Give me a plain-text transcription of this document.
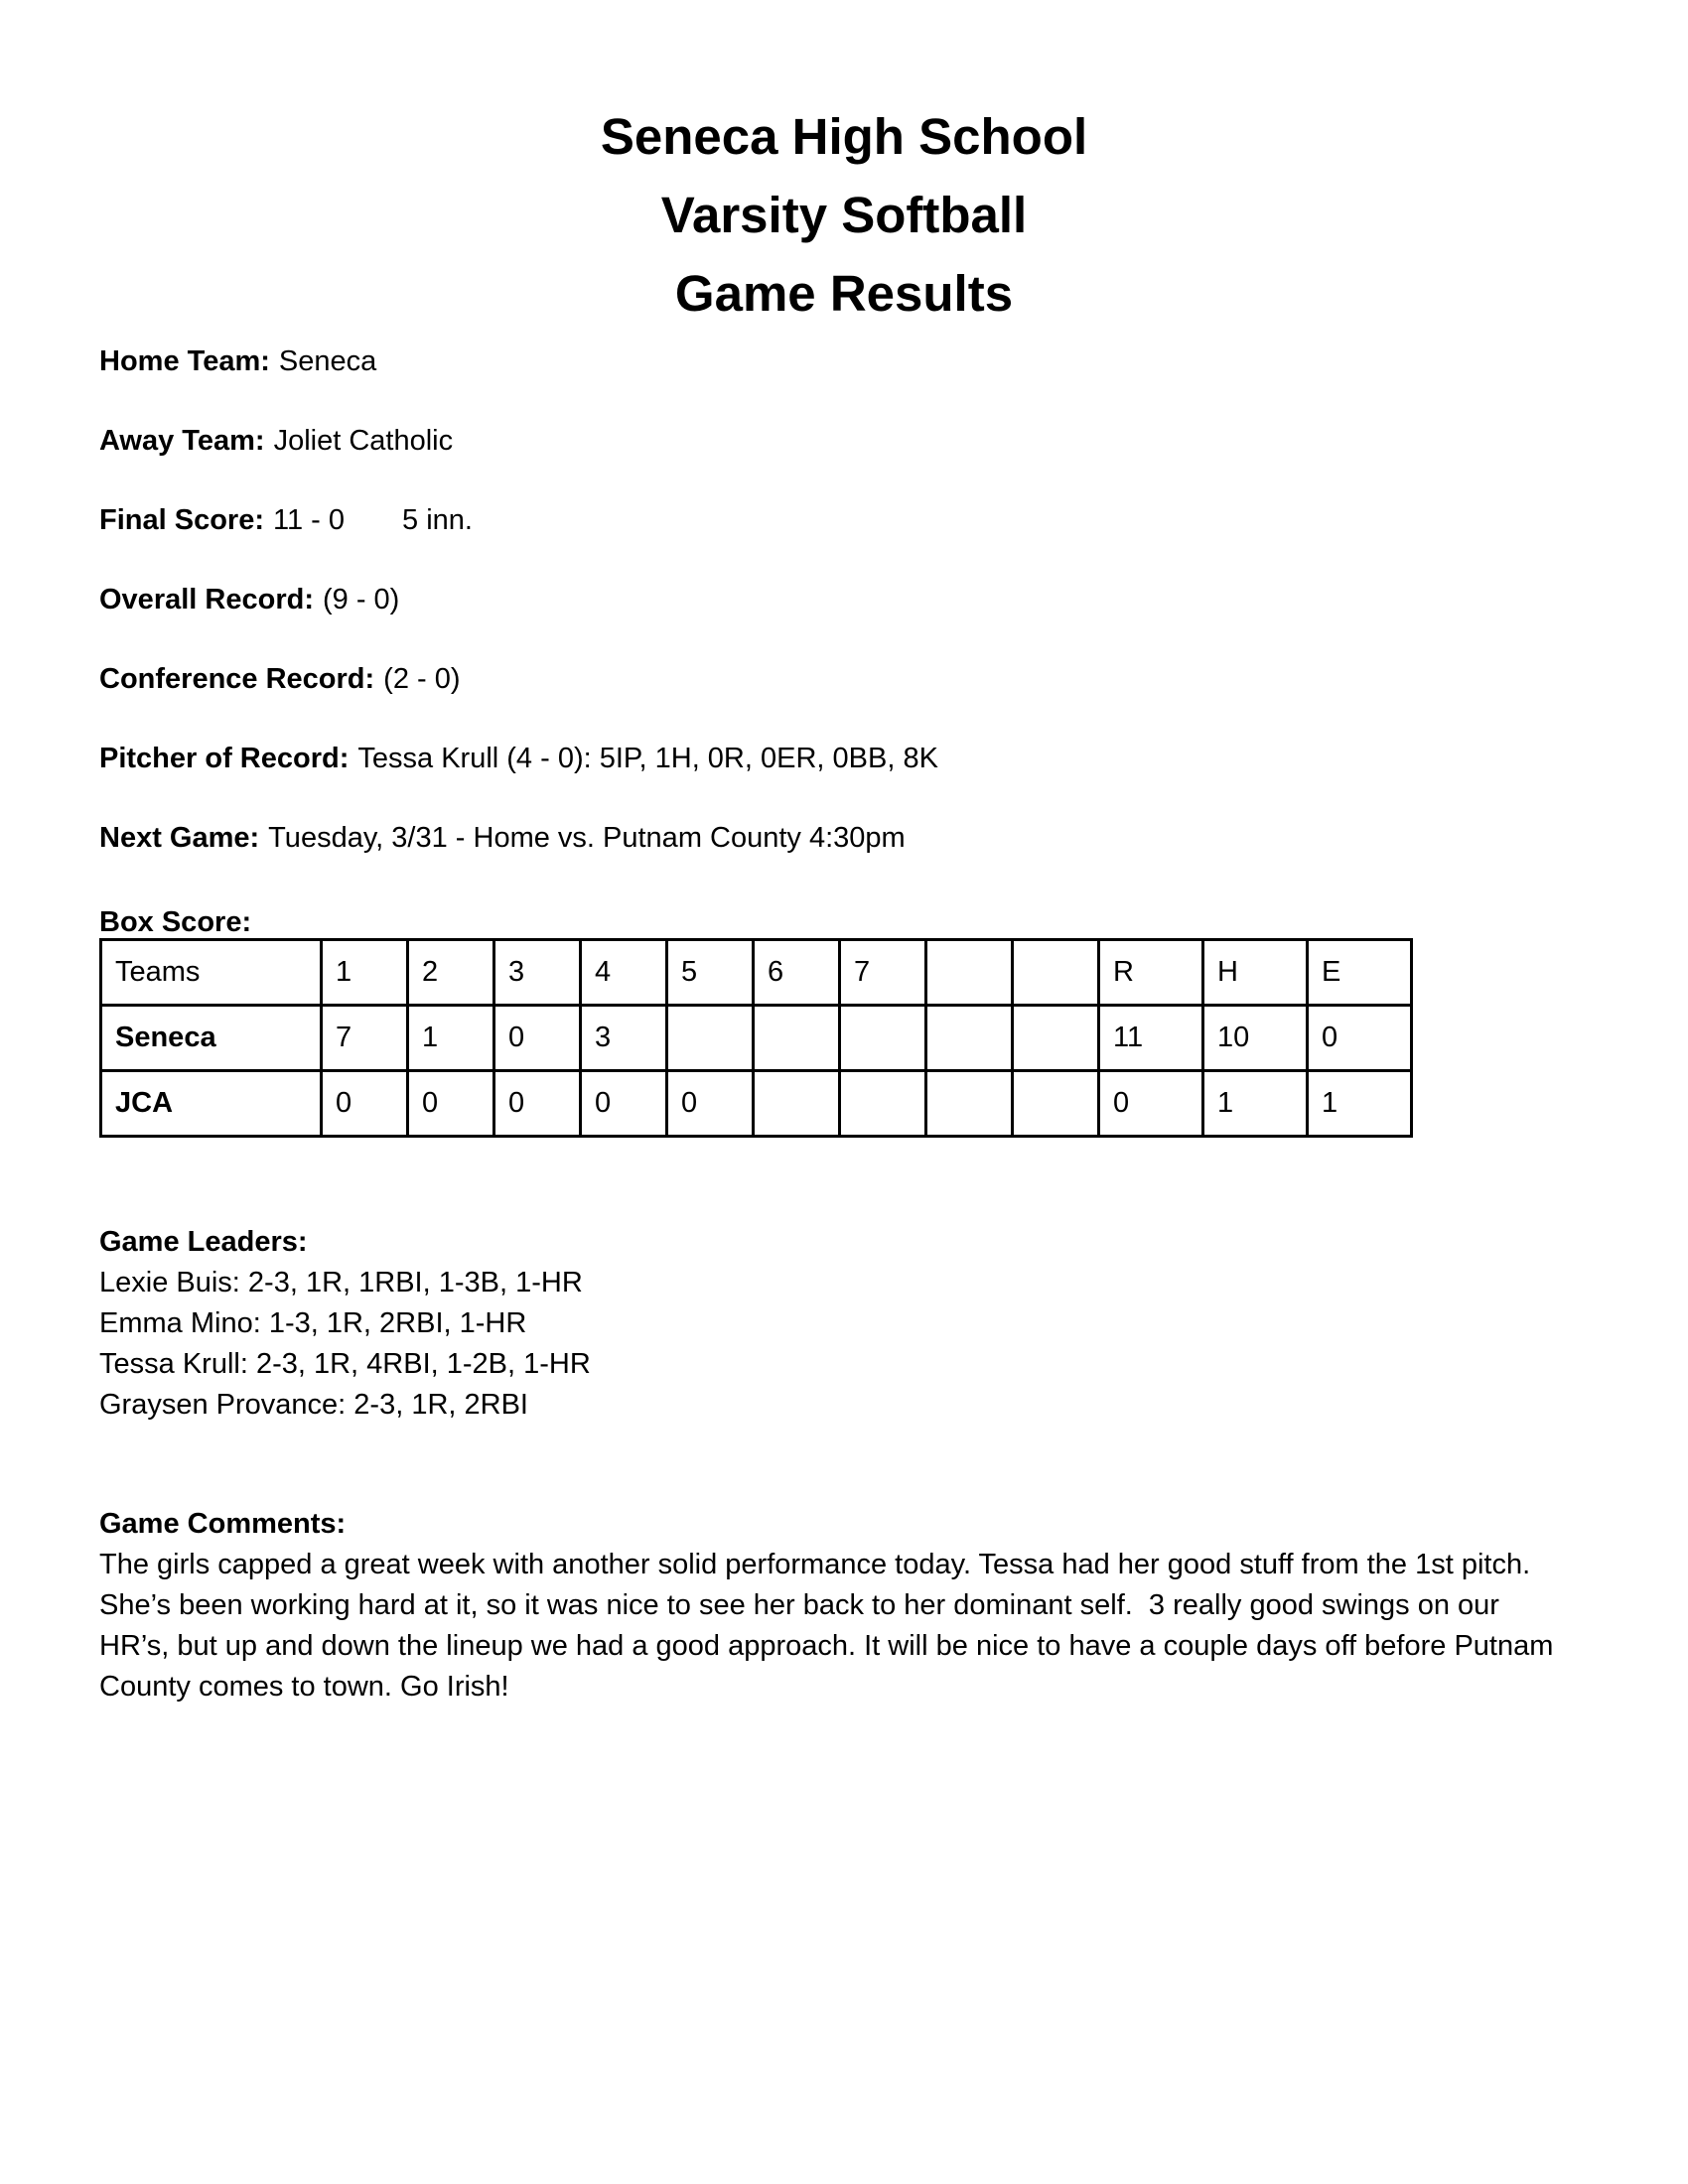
Seneca High School
Varsity Softball
Game Results

Home Team: Seneca

Away Team: Joliet Catholic

Final Score: 11 - 0 5 inn.

Overall Record: (9 - 0)

Conference Record: (2 - 0)

Pitcher of Record: Tessa Krull (4 - 0): 5IP, 1H, 0R, 0ER, 0BB, 8K

Next Game: Tuesday, 3/31 - Home vs. Putnam County 4:30pm

Box Score:
Teams	1	2	3	4	5	6	7			R	H	E
Seneca	7	1	0	3						11	10	0
JCA	0	0	0	0	0					0	1	1

Game Leaders:

Lexie Buis: 2-3, 1R, 1RBI, 1-3B, 1-HR

Emma Mino: 1-3, 1R, 2RBI, 1-HR

Tessa Krull: 2-3, 1R, 4RBI, 1-2B, 1-HR

Graysen Provance: 2-3, 1R, 2RBI

Game Comments:

The girls capped a great week with another solid performance today. Tessa had her good stuff from the 1st pitch. She’s been working hard at it, so it was nice to see her back to her dominant self.  3 really good swings on our HR’s, but up and down the lineup we had a good approach. It will be nice to have a couple days off before Putnam County comes to town. Go Irish!
